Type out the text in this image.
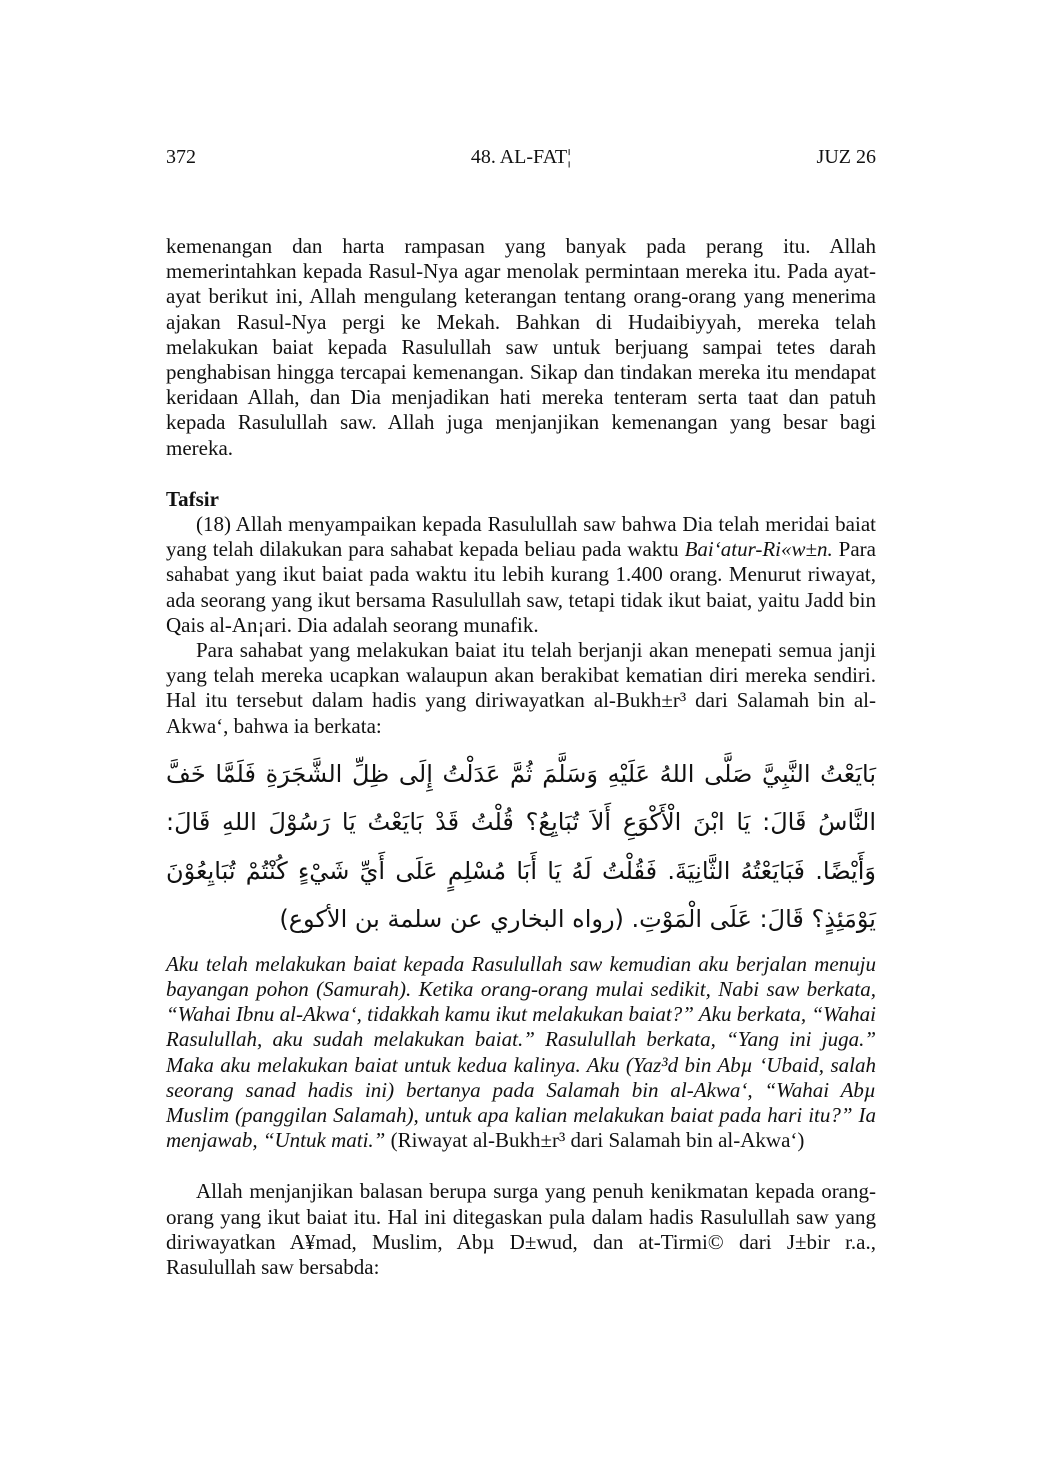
372	48. AL-FAT¦	JUZ 26

kemenangan dan harta rampasan yang banyak pada perang itu. Allah memerintahkan kepada Rasul-Nya agar menolak permintaan mereka itu. Pada ayat-ayat berikut ini, Allah mengulang keterangan tentang orang-orang yang menerima ajakan Rasul-Nya pergi ke Mekah. Bahkan di Hudaibiyyah, mereka telah melakukan baiat kepada Rasulullah saw untuk berjuang sampai tetes darah penghabisan hingga tercapai kemenangan. Sikap dan tindakan mereka itu mendapat keridaan Allah, dan Dia menjadikan hati mereka tenteram serta taat dan patuh kepada Rasulullah saw. Allah juga menjanjikan kemenangan yang besar bagi mereka.

Tafsir

(18) Allah menyampaikan kepada Rasulullah saw bahwa Dia telah meridai baiat yang telah dilakukan para sahabat kepada beliau pada waktu Bai‘atur-Ri«w±n. Para sahabat yang ikut baiat pada waktu itu lebih kurang 1.400 orang. Menurut riwayat, ada seorang yang ikut bersama Rasulullah saw, tetapi tidak ikut baiat, yaitu Jadd bin Qais al-An¡ari. Dia adalah seorang munafik.

Para sahabat yang melakukan baiat itu telah berjanji akan menepati semua janji yang telah mereka ucapkan walaupun akan berakibat kematian diri mereka sendiri. Hal itu tersebut dalam hadis yang diriwayatkan al-Bukh±r³ dari Salamah bin al-Akwa‘, bahwa ia berkata:

بَايَعْتُ النَّبِيَّ صَلَّى اللهُ عَلَيْهِ وَسَلَّمَ ثُمَّ عَدَلْتُ إِلَى ظِلِّ الشَّجَرَةِ فَلَمَّا خَفَّ النَّاسُ قَالَ: يَا ابْنَ الْأَكْوَعِ أَلاَ تُبَايِعُ؟ قُلْتُ قَدْ بَايَعْتُ يَا رَسُوْلَ اللهِ قَالَ: وَأَيْضًا. فَبَايَعْتُهُ الثَّانِيَةَ. فَقُلْتُ لَهُ يَا أَبَا مُسْلِمٍ عَلَى أَيِّ شَيْءٍ كُنْتُمْ تُبَايِعُوْنَ يَوْمَئِذٍ؟ قَالَ: عَلَى الْمَوْتِ. (رواه البخاري عن سلمة بن الأكوع)

Aku telah melakukan baiat kepada Rasulullah saw kemudian aku berjalan menuju bayangan pohon (Samurah). Ketika orang-orang mulai sedikit, Nabi saw berkata, “Wahai Ibnu al-Akwa‘, tidakkah kamu ikut melakukan baiat?” Aku berkata, “Wahai Rasulullah, aku sudah melakukan baiat.” Rasulullah berkata, “Yang ini juga.” Maka aku melakukan baiat untuk kedua kalinya. Aku (Yaz³d bin Abµ ‘Ubaid, salah seorang sanad hadis ini) bertanya pada Salamah bin al-Akwa‘, “Wahai Abµ Muslim (panggilan Salamah), untuk apa kalian melakukan baiat pada hari itu?” Ia menjawab, “Untuk mati.” (Riwayat al-Bukh±r³ dari Salamah bin al-Akwa‘)

Allah menjanjikan balasan berupa surga yang penuh kenikmatan kepada orang-orang yang ikut baiat itu. Hal ini ditegaskan pula dalam hadis Rasulullah saw yang diriwayatkan A¥mad, Muslim, Abµ D±wud, dan at-Tirmi© dari J±bir r.a., Rasulullah saw bersabda:
